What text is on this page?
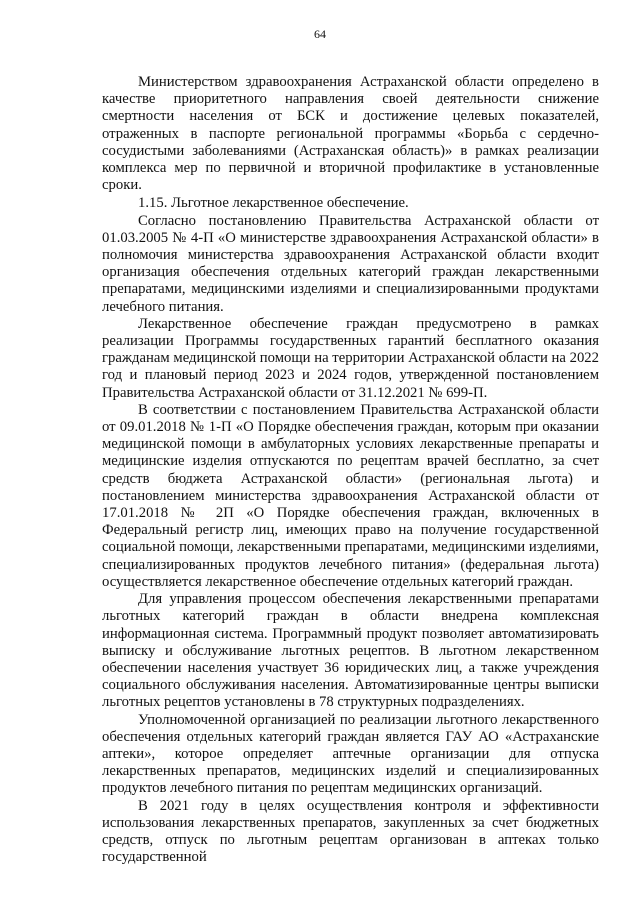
64

Министерством здравоохранения Астраханской области определено в качестве приоритетного направления своей деятельности снижение смертности населения от БСК и достижение целевых показателей, отраженных в паспорте региональной программы «Борьба с сердечно-сосудистыми заболеваниями (Астраханская область)» в рамках реализации комплекса мер по первичной и вторичной профилактике в установленные сроки.

1.15. Льготное лекарственное обеспечение.

Согласно постановлению Правительства Астраханской области от 01.03.2005 № 4-П «О министерстве здравоохранения Астраханской области» в полномочия министерства здравоохранения Астраханской области входит организация обеспечения отдельных категорий граждан лекарственными препаратами, медицинскими изделиями и специализированными продуктами лечебного питания.

Лекарственное обеспечение граждан предусмотрено в рамках реализации Программы государственных гарантий бесплатного оказания гражданам медицинской помощи на территории Астраханской области на 2022 год и плановый период 2023 и 2024 годов, утвержденной постановлением Правительства Астраханской области от 31.12.2021 № 699-П.

В соответствии с постановлением Правительства Астраханской области от 09.01.2018 № 1-П «О Порядке обеспечения граждан, которым при оказании медицинской помощи в амбулаторных условиях лекарственные препараты и медицинские изделия отпускаются по рецептам врачей бесплатно, за счет средств бюджета Астраханской области» (региональная льгота) и постановлением министерства здравоохранения Астраханской области от 17.01.2018 № 2П «О Порядке обеспечения граждан, включенных в Федеральный регистр лиц, имеющих право на получение государственной социальной помощи, лекарственными препаратами, медицинскими изделиями, специализированных продуктов лечебного питания» (федеральная льгота) осуществляется лекарственное обеспечение отдельных категорий граждан.

Для управления процессом обеспечения лекарственными препаратами льготных категорий граждан в области внедрена комплексная информационная система. Программный продукт позволяет автоматизировать выписку и обслуживание льготных рецептов. В льготном лекарственном обеспечении населения участвует 36 юридических лиц, а также учреждения социального обслуживания населения. Автоматизированные центры выписки льготных рецептов установлены в 78 структурных подразделениях.

Уполномоченной организацией по реализации льготного лекарственного обеспечения отдельных категорий граждан является ГАУ АО «Астраханские аптеки», которое определяет аптечные организации для отпуска лекарственных препаратов, медицинских изделий и специализированных продуктов лечебного питания по рецептам медицинских организаций.

В 2021 году в целях осуществления контроля и эффективности использования лекарственных препаратов, закупленных за счет бюджетных средств, отпуск по льготным рецептам организован в аптеках только государственной
